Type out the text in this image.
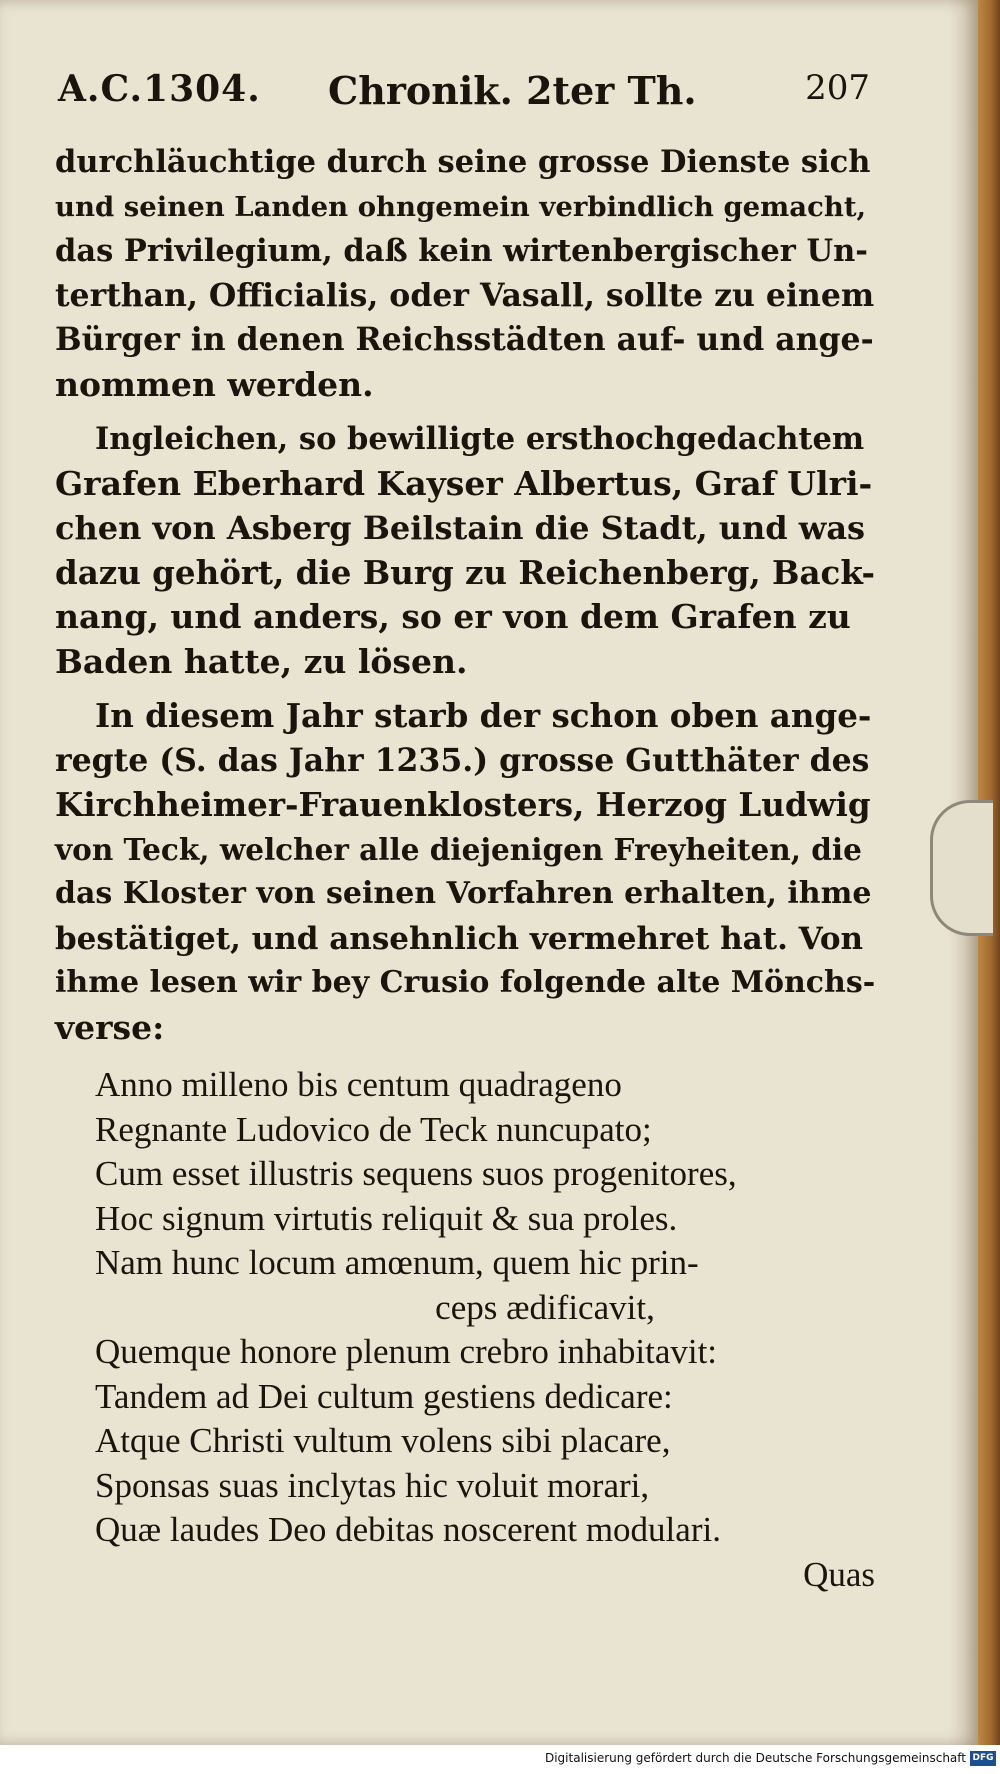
A.C.1304. Chronik. 2ter Th.	207
durchläuchtige durch seine grosse Dienste sich
und seinen Landen ohngemein verbindlich gemacht,
das Privilegium, daß kein wirtenbergischer Un-
terthan, Officialis, oder Vasall, sollte zu einem
Bürger in denen Reichsstädten auf- und ange-
nommen werden.
Ingleichen, so bewilligte ersthochgedachtem
Grafen Eberhard Kayser Albertus, Graf Ulri-
chen von Asberg Beilstain die Stadt, und was
dazu gehört, die Burg zu Reichenberg, Back-
nang, und anders, so er von dem Grafen zu
Baden hatte, zu lösen.
In diesem Jahr starb der schon oben ange-
regte (S. das Jahr 1235.) grosse Gutthäter des
Kirchheimer-Frauenklosters, Herzog Ludwig
von Teck, welcher alle diejenigen Freyheiten, die
das Kloster von seinen Vorfahren erhalten, ihme
bestätiget, und ansehnlich vermehret hat. Von
ihme lesen wir bey Crusio folgende alte Mönchs-
verse:
Anno milleno bis centum quadrageno
Regnante Ludovico de Teck nuncupato;
Cum esset illustris sequens suos progenitores,
Hoc signum virtutis reliquit & sua proles.
Nam hunc locum amœnum, quem hic prin-
ceps ædificavit,
Quemque honore plenum crebro inhabitavit:
Tandem ad Dei cultum gestiens dedicare:
Atque Christi vultum volens sibi placare,
Sponsas suas inclytas hic voluit morari,
Quæ laudes Deo debitas noscerent modulari.
Quas
Digitalisierung gefördert durch die Deutsche Forschungsgemeinschaft DFG
